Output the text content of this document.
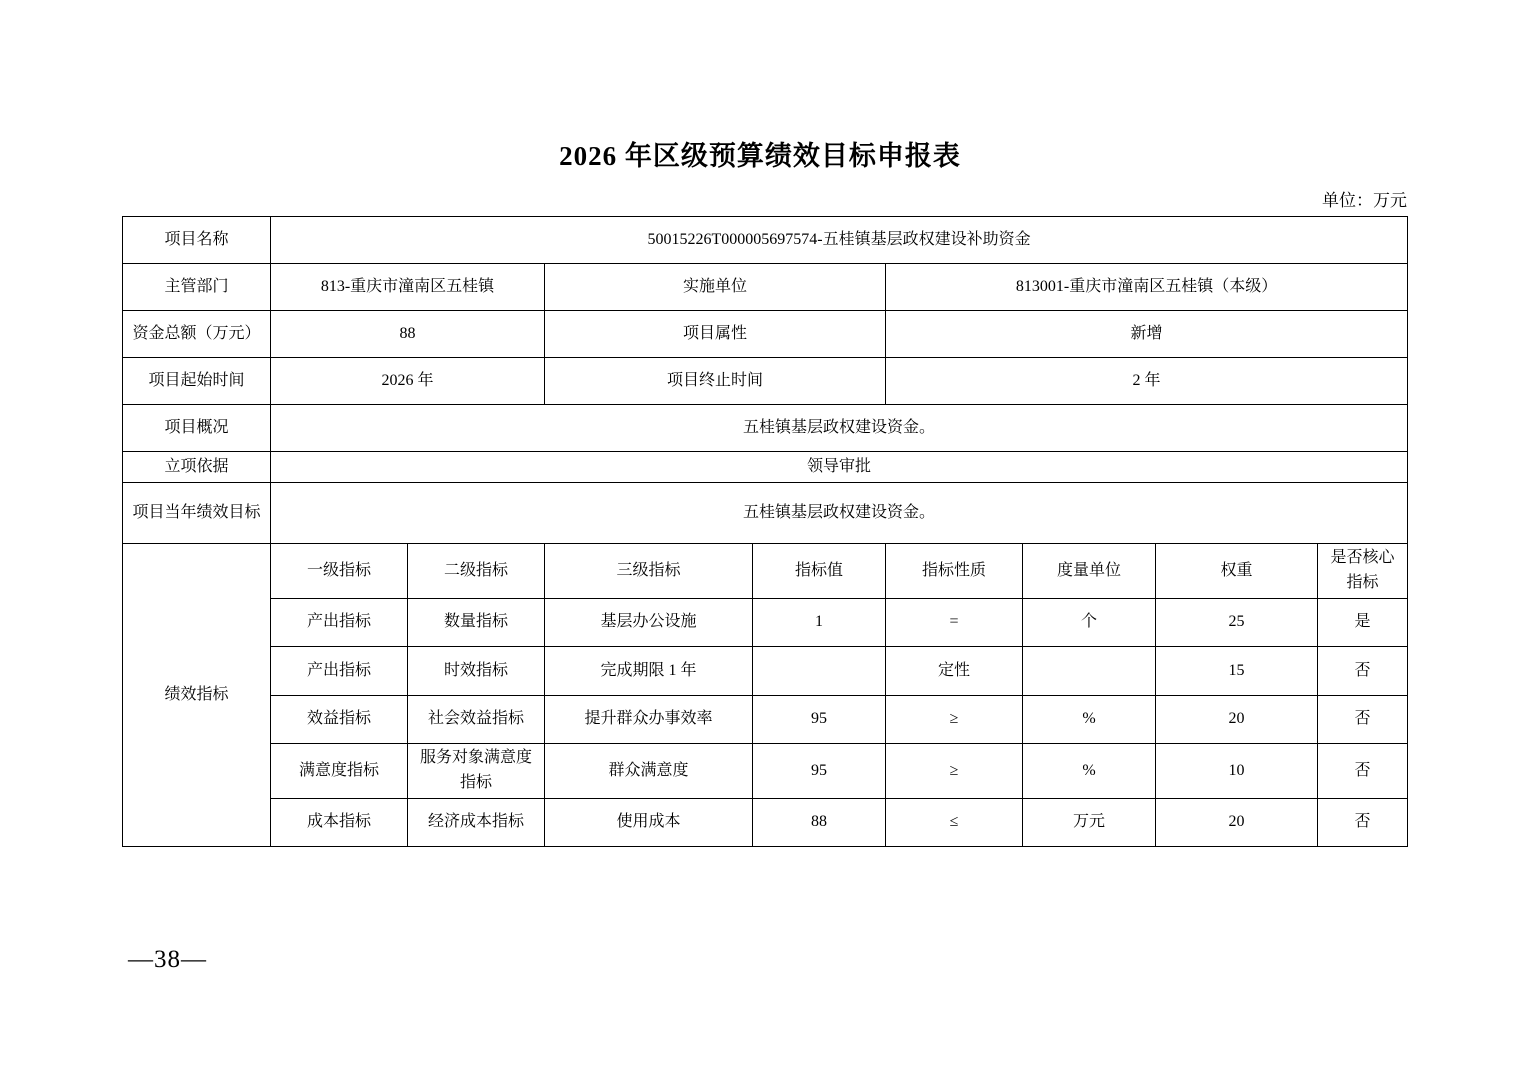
2026 年区级预算绩效目标申报表
单位：万元
项目名称	50015226T000005697574-五桂镇基层政权建设补助资金							
主管部门	813-重庆市潼南区五桂镇		实施单位		813001-重庆市潼南区五桂镇（本级）			
资金总额（万元）	88		项目属性		新增			
项目起始时间	2026 年		项目终止时间		2 年			
项目概况	五桂镇基层政权建设资金。							
立项依据	领导审批							
项目当年绩效目标	五桂镇基层政权建设资金。							
绩效指标	一级指标	二级指标	三级指标	指标值	指标性质	度量单位	权重	是否核心指标
	产出指标	数量指标	基层办公设施	1	=	个	25	是
	产出指标	时效指标	完成期限 1 年		定性		15	否
	效益指标	社会效益指标	提升群众办事效率	95	≥	%	20	否
	满意度指标	服务对象满意度指标	群众满意度	95	≥	%	10	否
	成本指标	经济成本指标	使用成本	88	≤	万元	20	否
—38—
